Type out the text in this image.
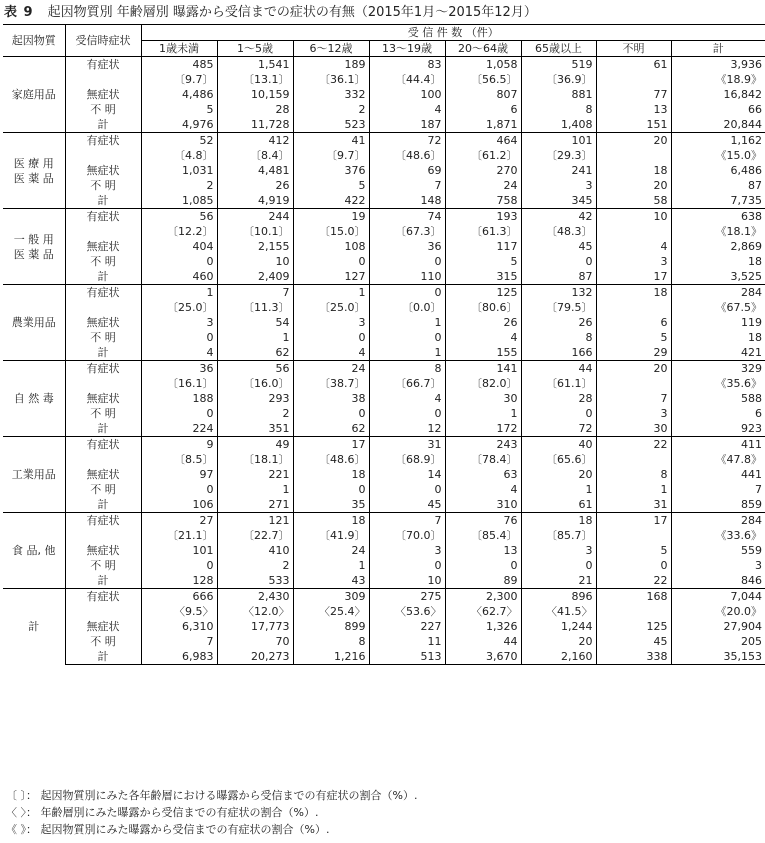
表 9 起因物質別 年齢層別 曝露から受信までの症状の有無（2015年1月～2015年12月）
起因物質	受信時症状	受 信 件 数 （件）							
		1歳未満	1～5歳	6～12歳	13～19歳	20～64歳	65歳以上	不明	計
家庭用品	有症状	485	1,541	189	83	1,058	519	61	3,936
		〔9.7〕	〔13.1〕	〔36.1〕	〔44.4〕	〔56.5〕	〔36.9〕		《18.9》
	無症状	4,486	10,159	332	100	807	881	77	16,842
	不 明	5	28	2	4	6	8	13	66
	計	4,976	11,728	523	187	1,871	1,408	151	20,844
医 療 用
医 薬 品	有症状	52	412	41	72	464	101	20	1,162
		〔4.8〕	〔8.4〕	〔9.7〕	〔48.6〕	〔61.2〕	〔29.3〕		《15.0》
	無症状	1,031	4,481	376	69	270	241	18	6,486
	不 明	2	26	5	7	24	3	20	87
	計	1,085	4,919	422	148	758	345	58	7,735
一 般 用
医 薬 品	有症状	56	244	19	74	193	42	10	638
		〔12.2〕	〔10.1〕	〔15.0〕	〔67.3〕	〔61.3〕	〔48.3〕		《18.1》
	無症状	404	2,155	108	36	117	45	4	2,869
	不 明	0	10	0	0	5	0	3	18
	計	460	2,409	127	110	315	87	17	3,525
農業用品	有症状	1	7	1	0	125	132	18	284
		〔25.0〕	〔11.3〕	〔25.0〕	〔0.0〕	〔80.6〕	〔79.5〕		《67.5》
	無症状	3	54	3	1	26	26	6	119
	不 明	0	1	0	0	4	8	5	18
	計	4	62	4	1	155	166	29	421
自 然 毒	有症状	36	56	24	8	141	44	20	329
		〔16.1〕	〔16.0〕	〔38.7〕	〔66.7〕	〔82.0〕	〔61.1〕		《35.6》
	無症状	188	293	38	4	30	28	7	588
	不 明	0	2	0	0	1	0	3	6
	計	224	351	62	12	172	72	30	923
工業用品	有症状	9	49	17	31	243	40	22	411
		〔8.5〕	〔18.1〕	〔48.6〕	〔68.9〕	〔78.4〕	〔65.6〕		《47.8》
	無症状	97	221	18	14	63	20	8	441
	不 明	0	1	0	0	4	1	1	7
	計	106	271	35	45	310	61	31	859
食 品, 他	有症状	27	121	18	7	76	18	17	284
		〔21.1〕	〔22.7〕	〔41.9〕	〔70.0〕	〔85.4〕	〔85.7〕		《33.6》
	無症状	101	410	24	3	13	3	5	559
	不 明	0	2	1	0	0	0	0	3
	計	128	533	43	10	89	21	22	846
計	有症状	666	2,430	309	275	2,300	896	168	7,044
		〈9.5〉	〈12.0〉	〈25.4〉	〈53.6〉	〈62.7〉	〈41.5〉		《20.0》
	無症状	6,310	17,773	899	227	1,326	1,244	125	27,904
	不 明	7	70	8	11	44	20	45	205
	計	6,983	20,273	1,216	513	3,670	2,160	338	35,153
〔 〕： 起因物質別にみた各年齢層における曝露から受信までの有症状の割合（%）.
〈 〉： 年齢層別にみた曝露から受信までの有症状の割合（%）.
《 》： 起因物質別にみた曝露から受信までの有症状の割合（%）.
